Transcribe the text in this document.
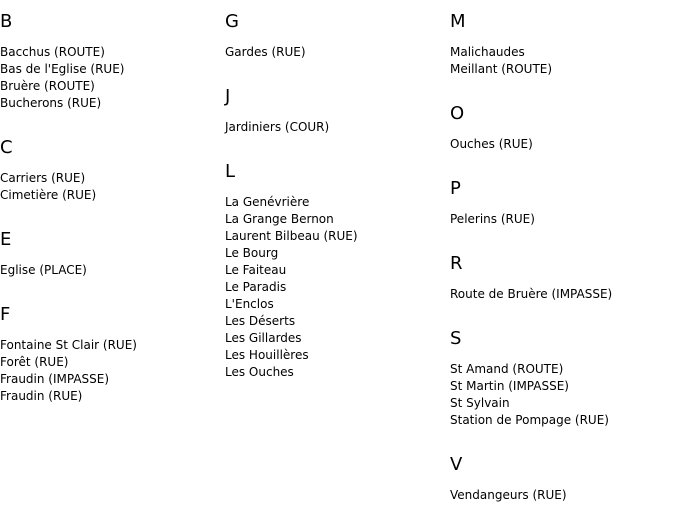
B
Bacchus (ROUTE)
Bas de l'Eglise (RUE)
Bruère (ROUTE)
Bucherons (RUE)
C
Carriers (RUE)
Cimetière (RUE)
E
Eglise (PLACE)
F
Fontaine St Clair (RUE)
Forêt (RUE)
Fraudin (IMPASSE)
Fraudin (RUE)
G
Gardes (RUE)
J
Jardiniers (COUR)
L
La Genévrière
La Grange Bernon
Laurent Bilbeau (RUE)
Le Bourg
Le Faiteau
Le Paradis
L'Enclos
Les Déserts
Les Gillardes
Les Houillères
Les Ouches
M
Malichaudes
Meillant (ROUTE)
O
Ouches (RUE)
P
Pelerins (RUE)
R
Route de Bruère (IMPASSE)
S
St Amand (ROUTE)
St Martin (IMPASSE)
St Sylvain
Station de Pompage (RUE)
V
Vendangeurs (RUE)
